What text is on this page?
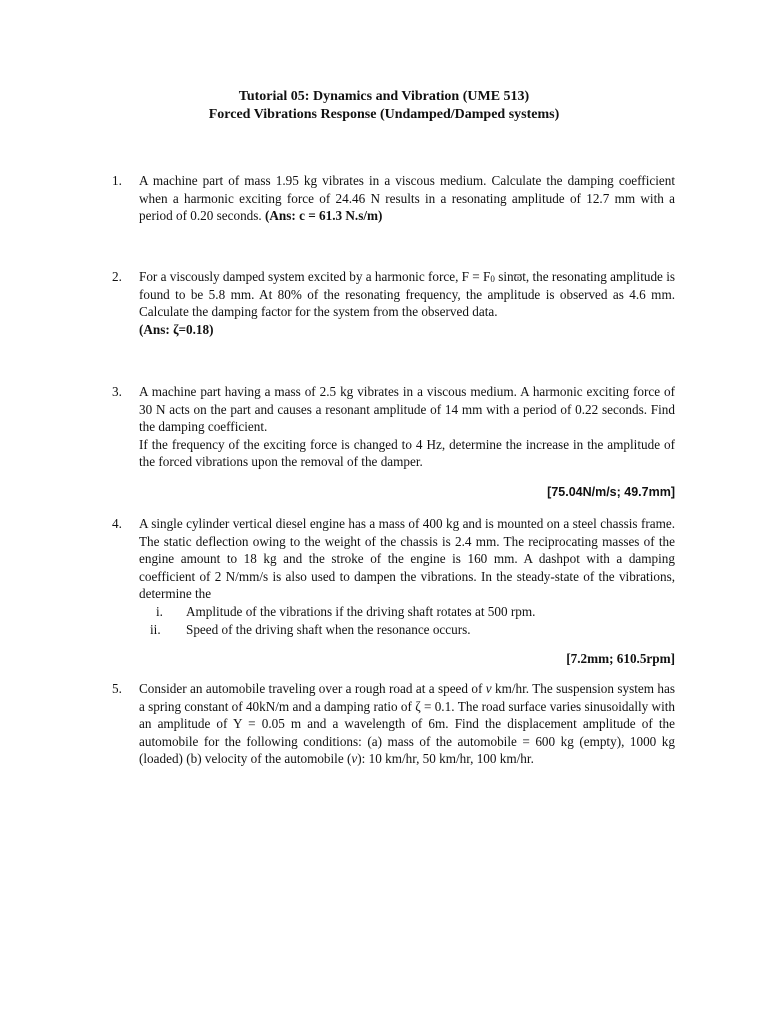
Tutorial 05: Dynamics and Vibration (UME 513)
Forced Vibrations Response (Undamped/Damped systems)
1.	A machine part of mass 1.95 kg vibrates in a viscous medium. Calculate the damping coefficient when a harmonic exciting force of 24.46 N results in a resonating amplitude of 12.7 mm with a period of 0.20 seconds. (Ans: c = 61.3 N.s/m)

2.	For a viscously damped system excited by a harmonic force, $F = F_0$ sinϖt, the resonating amplitude is found to be 5.8 mm. At 80% of the resonating frequency, the amplitude is observed as 4.6 mm. Calculate the damping factor for the system from the observed data.

(Ans: ζ=0.18)

3.	A machine part having a mass of 2.5 kg vibrates in a viscous medium. A harmonic exciting force of 30 N acts on the part and causes a resonant amplitude of 14 mm with a period of 0.22 seconds. Find the damping coefficient.

If the frequency of the exciting force is changed to 4 Hz, determine the increase in the amplitude of the forced vibrations upon the removal of the damper.

[75.04N/m/s; 49.7mm]
4.	A single cylinder vertical diesel engine has a mass of 400 kg and is mounted on a steel chassis frame. The static deflection owing to the weight of the chassis is 2.4 mm. The reciprocating masses of the engine amount to 18 kg and the stroke of the engine is 160 mm. A dashpot with a damping coefficient of 2 N/mm/s is also used to dampen the vibrations. In the steady-state of the vibrations, determine the

i. Amplitude of the vibrations if the driving shaft rotates at 500 rpm.
ii. Speed of the driving shaft when the resonance occurs.
[7.2mm; 610.5rpm]
5.	Consider an automobile traveling over a rough road at a speed of v km/hr. The suspension system has a spring constant of 40kN/m and a damping ratio of ζ = 0.1. The road surface varies sinusoidally with an amplitude of Y = 0.05 m and a wavelength of 6m. Find the displacement amplitude of the automobile for the following conditions: (a) mass of the automobile = 600 kg (empty), 1000 kg (loaded) (b) velocity of the automobile (v): 10 km/hr, 50 km/hr, 100 km/hr.
